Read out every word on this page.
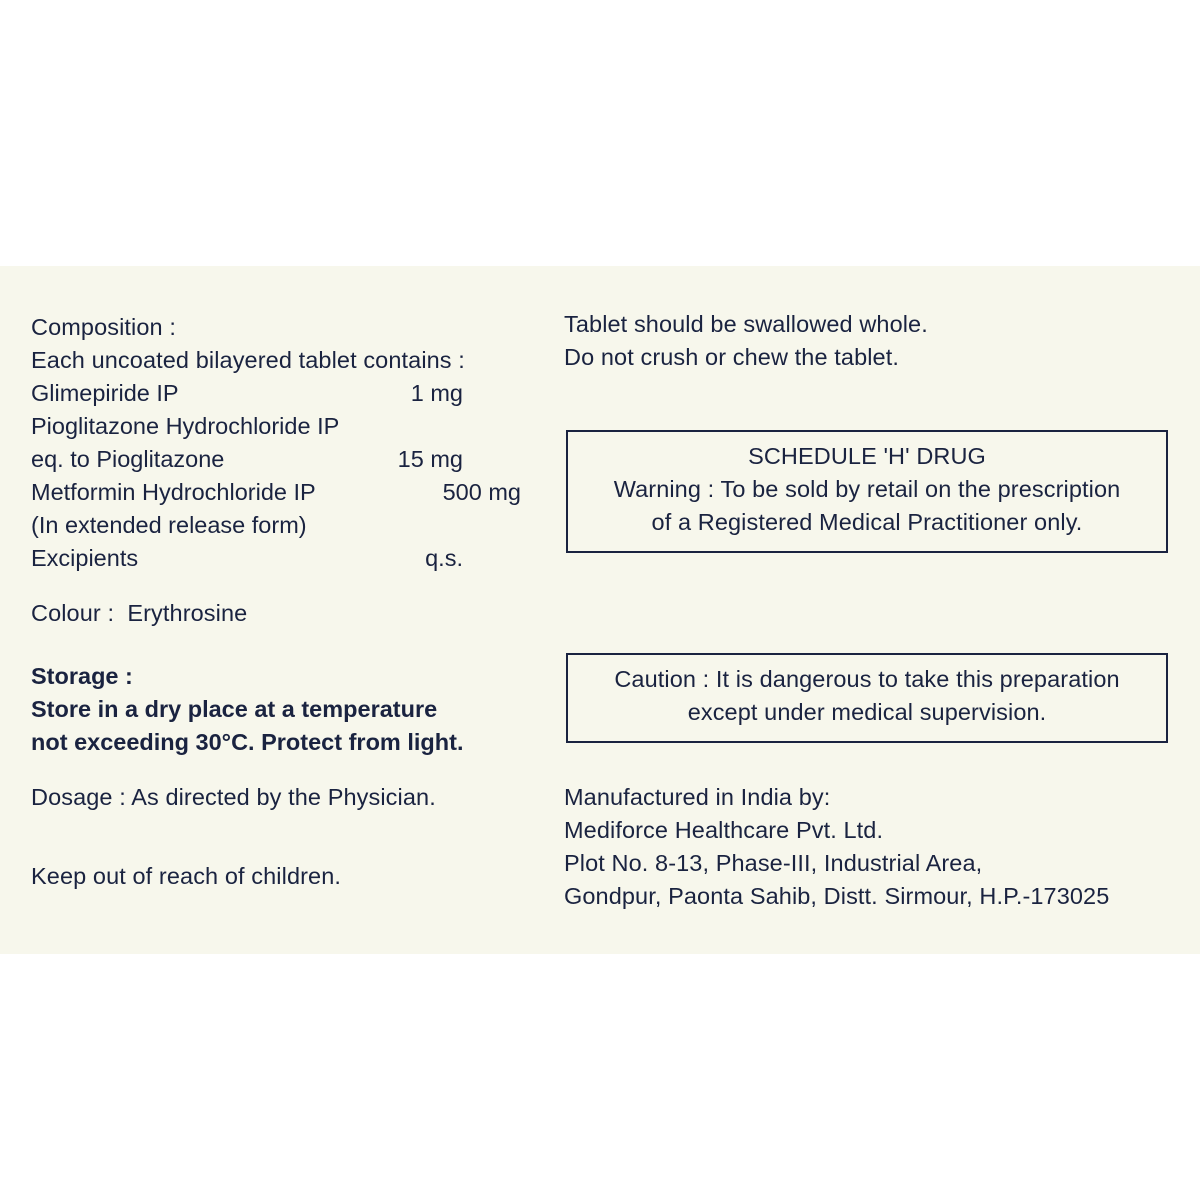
Composition :
Each uncoated bilayered tablet contains :
Glimepiride IP	1 mg
Pioglitazone Hydrochloride IP
eq. to Pioglitazone	15 mg
Metformin Hydrochloride IP	500 mg
(In extended release form)
Excipients	q.s.
Colour :  Erythrosine
Storage :
Store in a dry place at a temperature
not exceeding 30°C. Protect from light.
Dosage : As directed by the Physician.
Keep out of reach of children.
Tablet should be swallowed whole.
Do not crush or chew the tablet.
SCHEDULE 'H' DRUG
Warning : To be sold by retail on the prescription
of a Registered Medical Practitioner only.
Caution : It is dangerous to take this preparation
except under medical supervision.
Manufactured in India by:
Mediforce Healthcare Pvt. Ltd.
Plot No. 8-13, Phase-III, Industrial Area,
Gondpur, Paonta Sahib, Distt. Sirmour, H.P.-173025
